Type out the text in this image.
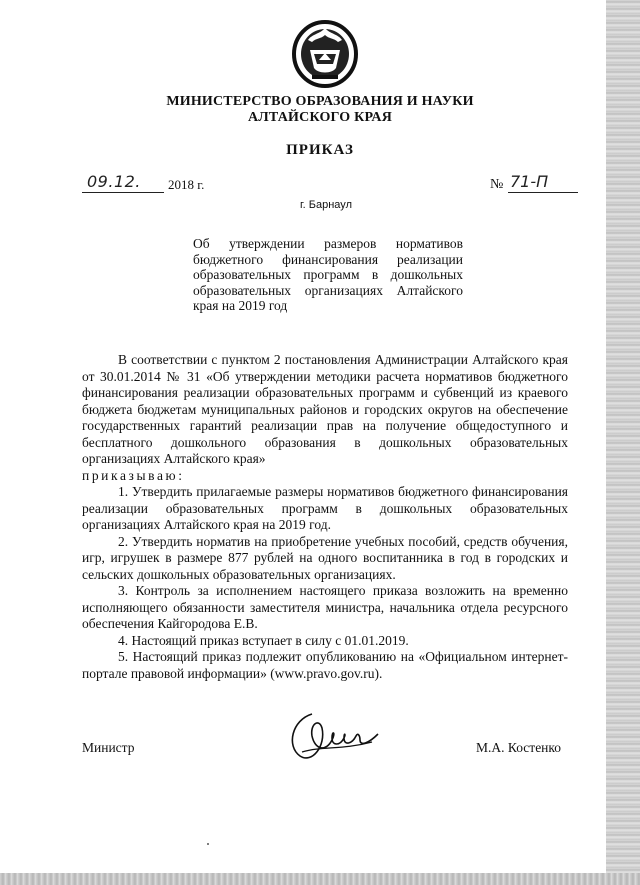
МИНИСТЕРСТВО ОБРАЗОВАНИЯ И НАУКИ
АЛТАЙСКОГО КРАЯ
ПРИКАЗ
09.12. 2018 г.	№ 71-П
г. Барнаул
Об утверждении размеров нормативов бюджетного финансирования реализации образовательных программ в дошкольных образовательных организациях Алтайского края на 2019 год

В соответствии с пунктом 2 постановления Администрации Алтайского края от 30.01.2014 № 31 «Об утверждении методики расчета нормативов бюджетного финансирования реализации образовательных программ и субвенций из краевого бюджета бюджетам муниципальных районов и городских округов на обеспечение государственных гарантий реализации прав на получение общедоступного и бесплатного дошкольного образования в дошкольных образовательных организациях Алтайского края»

приказываю:

1. Утвердить прилагаемые размеры нормативов бюджетного финансирования реализации образовательных программ в дошкольных образовательных организациях Алтайского края на 2019 год.

2. Утвердить норматив на приобретение учебных пособий, средств обучения, игр, игрушек в размере 877 рублей на одного воспитанника в год в городских и сельских дошкольных образовательных организациях.

3. Контроль за исполнением настоящего приказа возложить на временно исполняющего обязанности заместителя министра, начальника отдела ресурсного обеспечения Кайгородова Е.В.

4. Настоящий приказ вступает в силу с 01.01.2019.

5. Настоящий приказ подлежит опубликованию на «Официальном интернет-портале правовой информации» (www.pravo.gov.ru).

Министр	М.А. Костенко
